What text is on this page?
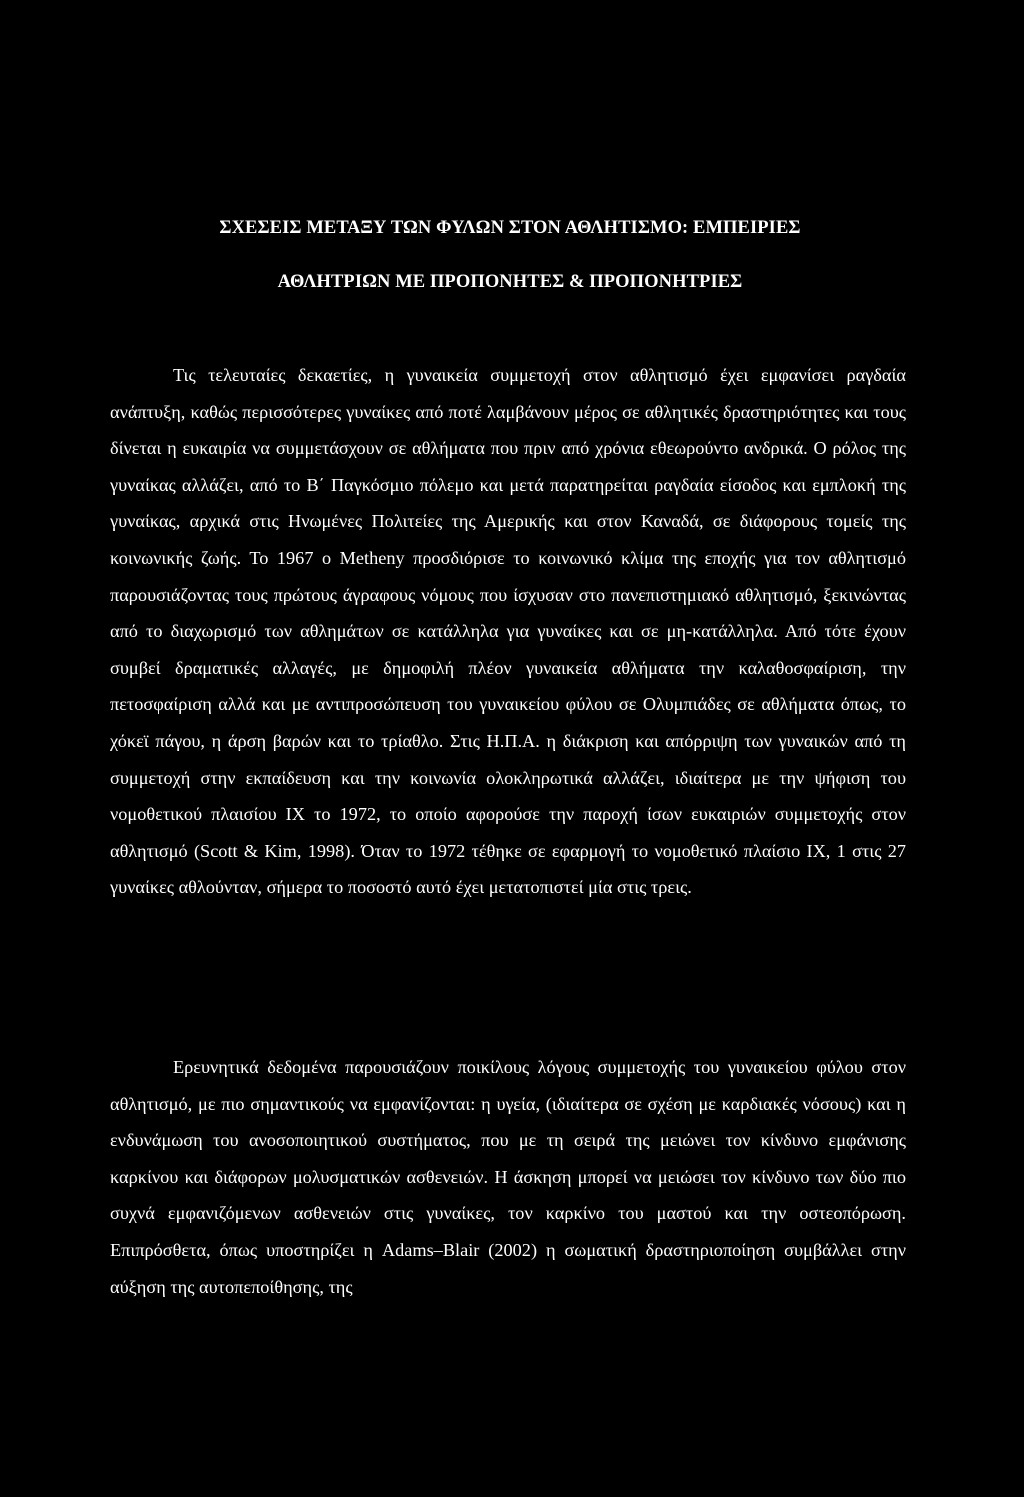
ΣΧΕΣΕΙΣ ΜΕΤΑΞΥ ΤΩΝ ΦΥΛΩΝ ΣΤΟΝ ΑΘΛΗΤΙΣΜΟ: ΕΜΠΕΙΡΙΕΣ
ΑΘΛΗΤΡΙΩΝ ΜΕ ΠΡΟΠΟΝΗΤΕΣ & ΠΡΟΠΟΝΗΤΡΙΕΣ

Τις τελευταίες δεκαετίες, η γυναικεία συμμετοχή στον αθλητισμό έχει εμφανίσει ραγδαία ανάπτυξη, καθώς περισσότερες γυναίκες από ποτέ λαμβάνουν μέρος σε αθλητικές δραστηριότητες και τους δίνεται η ευκαιρία να συμμετάσχουν σε αθλήματα που πριν από χρόνια εθεωρούντο ανδρικά. Ο ρόλος της γυναίκας αλλάζει, από το Β΄ Παγκόσμιο πόλεμο και μετά παρατηρείται ραγδαία είσοδος και εμπλοκή της γυναίκας, αρχικά στις Ηνωμένες Πολιτείες της Αμερικής και στον Καναδά, σε διάφορους τομείς της κοινωνικής ζωής. Το 1967 ο Metheny προσδιόρισε το κοινωνικό κλίμα της εποχής για τον αθλητισμό παρουσιάζοντας τους πρώτους άγραφους νόμους που ίσχυσαν στο πανεπιστημιακό αθλητισμό, ξεκινώντας από το διαχωρισμό των αθλημάτων σε κατάλληλα για γυναίκες και σε μη-κατάλληλα. Από τότε έχουν συμβεί δραματικές αλλαγές, με δημοφιλή πλέον γυναικεία αθλήματα την καλαθοσφαίριση, την πετοσφαίριση αλλά και με αντιπροσώπευση του γυναικείου φύλου σε Ολυμπιάδες σε αθλήματα όπως, το χόκεϊ πάγου, η άρση βαρών και το τρίαθλο. Στις Η.Π.Α. η διάκριση και απόρριψη των γυναικών από τη συμμετοχή στην εκπαίδευση και την κοινωνία ολοκληρωτικά αλλάζει, ιδιαίτερα με την ψήφιση του νομοθετικού πλαισίου IX το 1972, το οποίο αφορούσε την παροχή ίσων ευκαιριών συμμετοχής στον αθλητισμό (Scott & Kim, 1998). Όταν το 1972 τέθηκε σε εφαρμογή το νομοθετικό πλαίσιο IX, 1 στις 27 γυναίκες αθλούνταν, σήμερα το ποσοστό αυτό έχει μετατοπιστεί μία στις τρεις.

Ερευνητικά δεδομένα παρουσιάζουν ποικίλους λόγους συμμετοχής του γυναικείου φύλου στον αθλητισμό, με πιο σημαντικούς να εμφανίζονται: η υγεία, (ιδιαίτερα σε σχέση με καρδιακές νόσους) και η ενδυνάμωση του ανοσοποιητικού συστήματος, που με τη σειρά της μειώνει τον κίνδυνο εμφάνισης καρκίνου και διάφορων μολυσματικών ασθενειών. Η άσκηση μπορεί να μειώσει τον κίνδυνο των δύο πιο συχνά εμφανιζόμενων ασθενειών στις γυναίκες, τον καρκίνο του μαστού και την οστεοπόρωση. Επιπρόσθετα, όπως υποστηρίζει η Adams–Blair (2002) η σωματική δραστηριοποίηση συμβάλλει στην αύξηση της αυτοπεποίθησης, της
